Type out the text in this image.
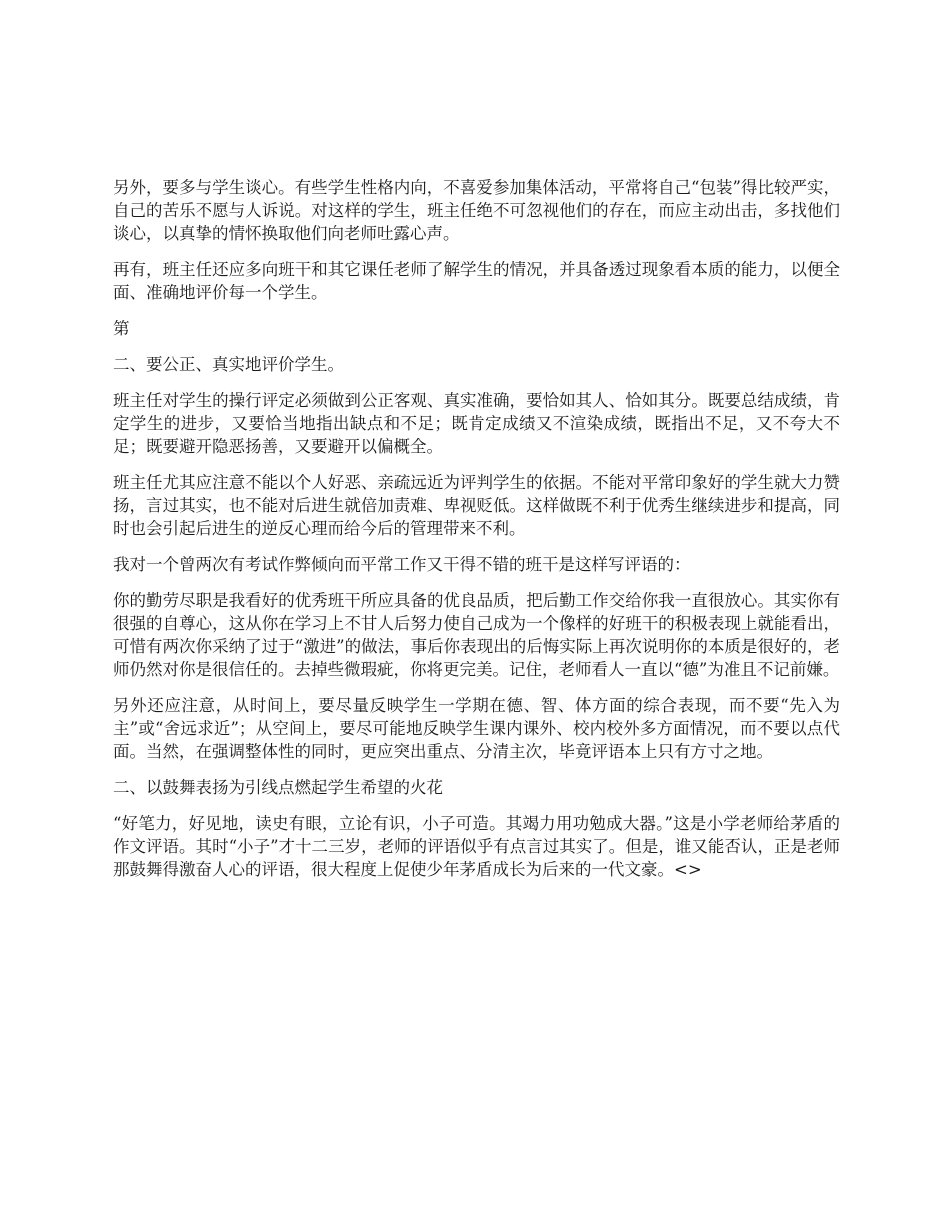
另外，要多与学生谈心。有些学生性格内向，不喜爱参加集体活动，平常将自己“包装”得比较严实，自己的苦乐不愿与人诉说。对这样的学生，班主任绝不可忽视他们的存在，而应主动出击，多找他们谈心，以真挚的情怀换取他们向老师吐露心声。

再有，班主任还应多向班干和其它课任老师了解学生的情况，并具备透过现象看本质的能力，以便全面、准确地评价每一个学生。

第

二、要公正、真实地评价学生。

班主任对学生的操行评定必须做到公正客观、真实准确，要恰如其人、恰如其分。既要总结成绩，肯定学生的进步，又要恰当地指出缺点和不足；既肯定成绩又不渲染成绩，既指出不足，又不夸大不足；既要避开隐恶扬善，又要避开以偏概全。

班主任尤其应注意不能以个人好恶、亲疏远近为评判学生的依据。不能对平常印象好的学生就大力赞扬，言过其实，也不能对后进生就倍加责难、卑视贬低。这样做既不利于优秀生继续进步和提高，同时也会引起后进生的逆反心理而给今后的管理带来不利。

我对一个曾两次有考试作弊倾向而平常工作又干得不错的班干是这样写评语的：

你的勤劳尽职是我看好的优秀班干所应具备的优良品质，把后勤工作交给你我一直很放心。其实你有很强的自尊心，这从你在学习上不甘人后努力使自己成为一个像样的好班干的积极表现上就能看出，可惜有两次你采纳了过于“激进”的做法，事后你表现出的后悔实际上再次说明你的本质是很好的，老师仍然对你是很信任的。去掉些微瑕疵，你将更完美。记住，老师看人一直以“德”为准且不记前嫌。

另外还应注意，从时间上，要尽量反映学生一学期在德、智、体方面的综合表现，而不要“先入为主”或“舍远求近”；从空间上，要尽可能地反映学生课内课外、校内校外多方面情况，而不要以点代面。当然，在强调整体性的同时，更应突出重点、分清主次，毕竟评语本上只有方寸之地。

二、以鼓舞表扬为引线点燃起学生希望的火花

“好笔力，好见地，读史有眼，立论有识，小子可造。其竭力用功勉成大器。”这是小学老师给茅盾的作文评语。其时“小子”才十二三岁，老师的评语似乎有点言过其实了。但是，谁又能否认，正是老师那鼓舞得激奋人心的评语，很大程度上促使少年茅盾成长为后来的一代文豪。<>
